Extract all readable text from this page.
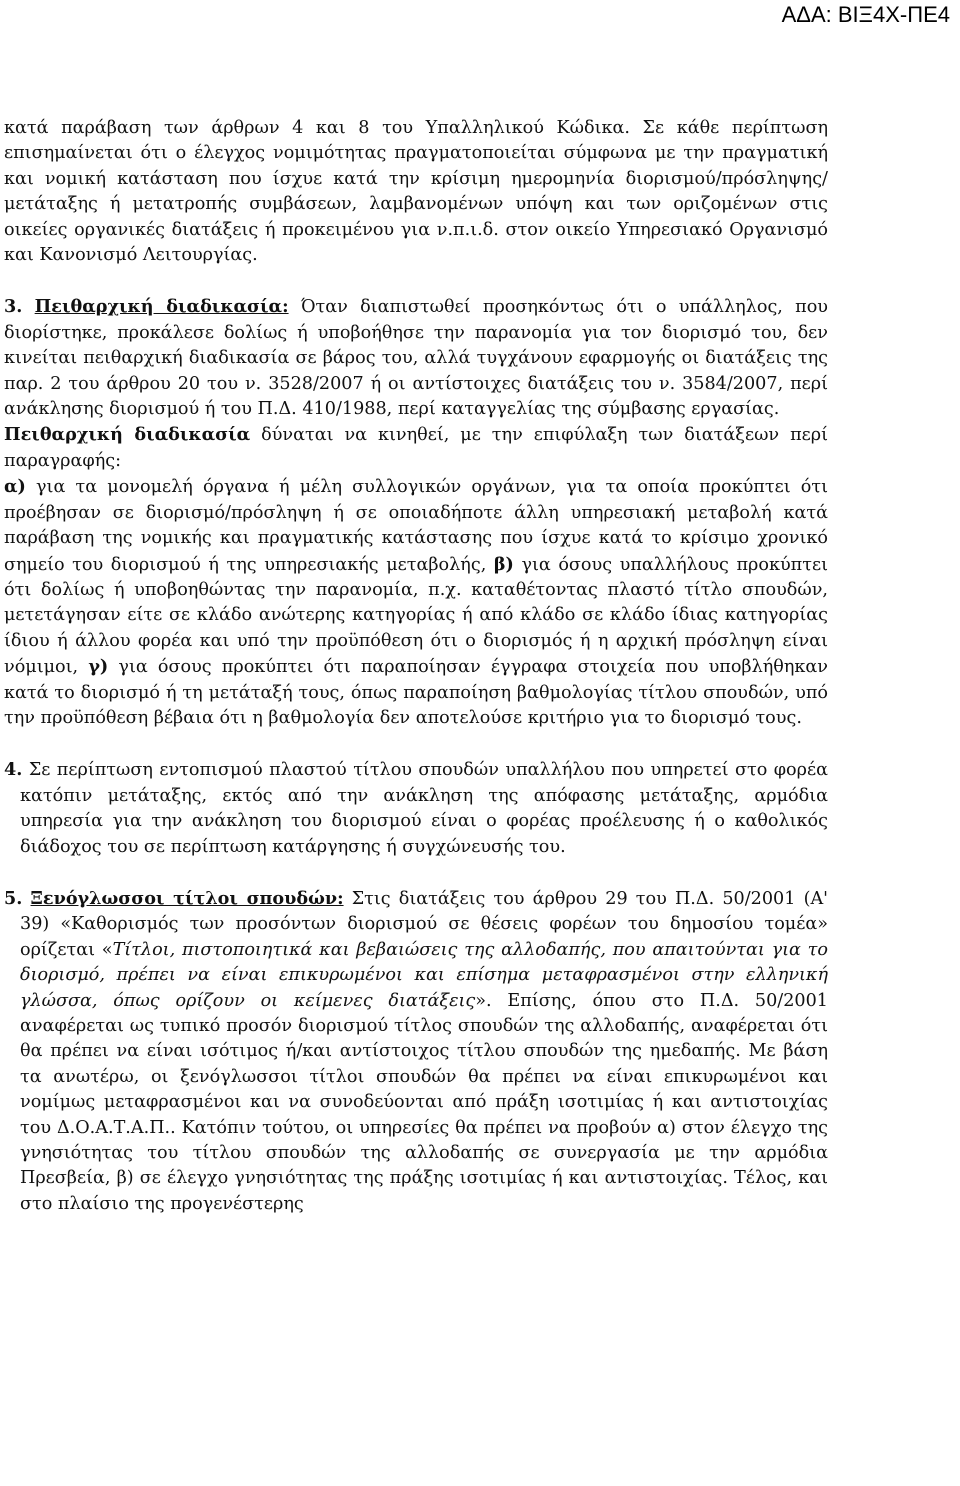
ΑΔΑ: ΒΙΞ4Χ-ΠΕ4

κατά παράβαση των άρθρων 4 και 8 του Υπαλληλικού Κώδικα. Σε κάθε περίπτωση επισημαίνεται ότι ο έλεγχος νομιμότητας πραγματοποιείται σύμφωνα με την πραγματική και νομική κατάσταση που ίσχυε κατά την κρίσιμη ημερομηνία διορισμού/πρόσληψης/μετάταξης ή μετατροπής συμβάσεων, λαμβανομένων υπόψη και των οριζομένων στις οικείες οργανικές διατάξεις ή προκειμένου για ν.π.ι.δ. στον οικείο Υπηρεσιακό Οργανισμό και Κανονισμό Λειτουργίας.

3. Πειθαρχική διαδικασία: Όταν διαπιστωθεί προσηκόντως ότι ο υπάλληλος, που διορίστηκε, προκάλεσε δολίως ή υποβοήθησε την παρανομία για τον διορισμό του, δεν κινείται πειθαρχική διαδικασία σε βάρος του, αλλά τυγχάνουν εφαρμογής οι διατάξεις της παρ. 2 του άρθρου 20 του ν. 3528/2007 ή οι αντίστοιχες διατάξεις του ν. 3584/2007, περί ανάκλησης διορισμού ή του Π.Δ. 410/1988, περί καταγγελίας της σύμβασης εργασίας.

Πειθαρχική διαδικασία δύναται να κινηθεί, με την επιφύλαξη των διατάξεων περί παραγραφής:

α) για τα μονομελή όργανα ή μέλη συλλογικών οργάνων, για τα οποία προκύπτει ότι προέβησαν σε διορισμό/πρόσληψη ή σε οποιαδήποτε άλλη υπηρεσιακή μεταβολή κατά παράβαση της νομικής και πραγματικής κατάστασης που ίσχυε κατά το κρίσιμο χρονικό σημείο του διορισμού ή της υπηρεσιακής μεταβολής, β) για όσους υπαλλήλους προκύπτει ότι δολίως ή υποβοηθώντας την παρανομία, π.χ. καταθέτοντας πλαστό τίτλο σπουδών, μετετάγησαν είτε σε κλάδο ανώτερης κατηγορίας ή από κλάδο σε κλάδο ίδιας κατηγορίας ίδιου ή άλλου φορέα και υπό την προϋπόθεση ότι ο διορισμός ή η αρχική πρόσληψη είναι νόμιμοι, γ) για όσους προκύπτει ότι παραποίησαν έγγραφα στοιχεία που υποβλήθηκαν κατά το διορισμό ή τη μετάταξή τους, όπως παραποίηση βαθμολογίας τίτλου σπουδών, υπό την προϋπόθεση βέβαια ότι η βαθμολογία δεν αποτελούσε κριτήριο για το διορισμό τους.

4. Σε περίπτωση εντοπισμού πλαστού τίτλου σπουδών υπαλλήλου που υπηρετεί στο φορέα κατόπιν μετάταξης, εκτός από την ανάκληση της απόφασης μετάταξης, αρμόδια υπηρεσία για την ανάκληση του διορισμού είναι ο φορέας προέλευσης ή ο καθολικός διάδοχος του σε περίπτωση κατάργησης ή συγχώνευσής του.

5. Ξενόγλωσσοι τίτλοι σπουδών: Στις διατάξεις του άρθρου 29 του Π.Δ. 50/2001 (Α' 39) «Καθορισμός των προσόντων διορισμού σε θέσεις φορέων του δημοσίου τομέα» ορίζεται «Τίτλοι, πιστοποιητικά και βεβαιώσεις της αλλοδαπής, που απαιτούνται για το διορισμό, πρέπει να είναι επικυρωμένοι και επίσημα μεταφρασμένοι στην ελληνική γλώσσα, όπως ορίζουν οι κείμενες διατάξεις». Επίσης, όπου στο Π.Δ. 50/2001 αναφέρεται ως τυπικό προσόν διορισμού τίτλος σπουδών της αλλοδαπής, αναφέρεται ότι θα πρέπει να είναι ισότιμος ή/και αντίστοιχος τίτλου σπουδών της ημεδαπής. Με βάση τα ανωτέρω, οι ξενόγλωσσοι τίτλοι σπουδών θα πρέπει να είναι επικυρωμένοι και νομίμως μεταφρασμένοι και να συνοδεύονται από πράξη ισοτιμίας ή και αντιστοιχίας του Δ.Ο.Α.Τ.Α.Π.. Κατόπιν τούτου, οι υπηρεσίες θα πρέπει να προβούν α) στον έλεγχο της γνησιότητας του τίτλου σπουδών της αλλοδαπής σε συνεργασία με την αρμόδια Πρεσβεία, β) σε έλεγχο γνησιότητας της πράξης ισοτιμίας ή και αντιστοιχίας. Τέλος, και στο πλαίσιο της προγενέστερης
